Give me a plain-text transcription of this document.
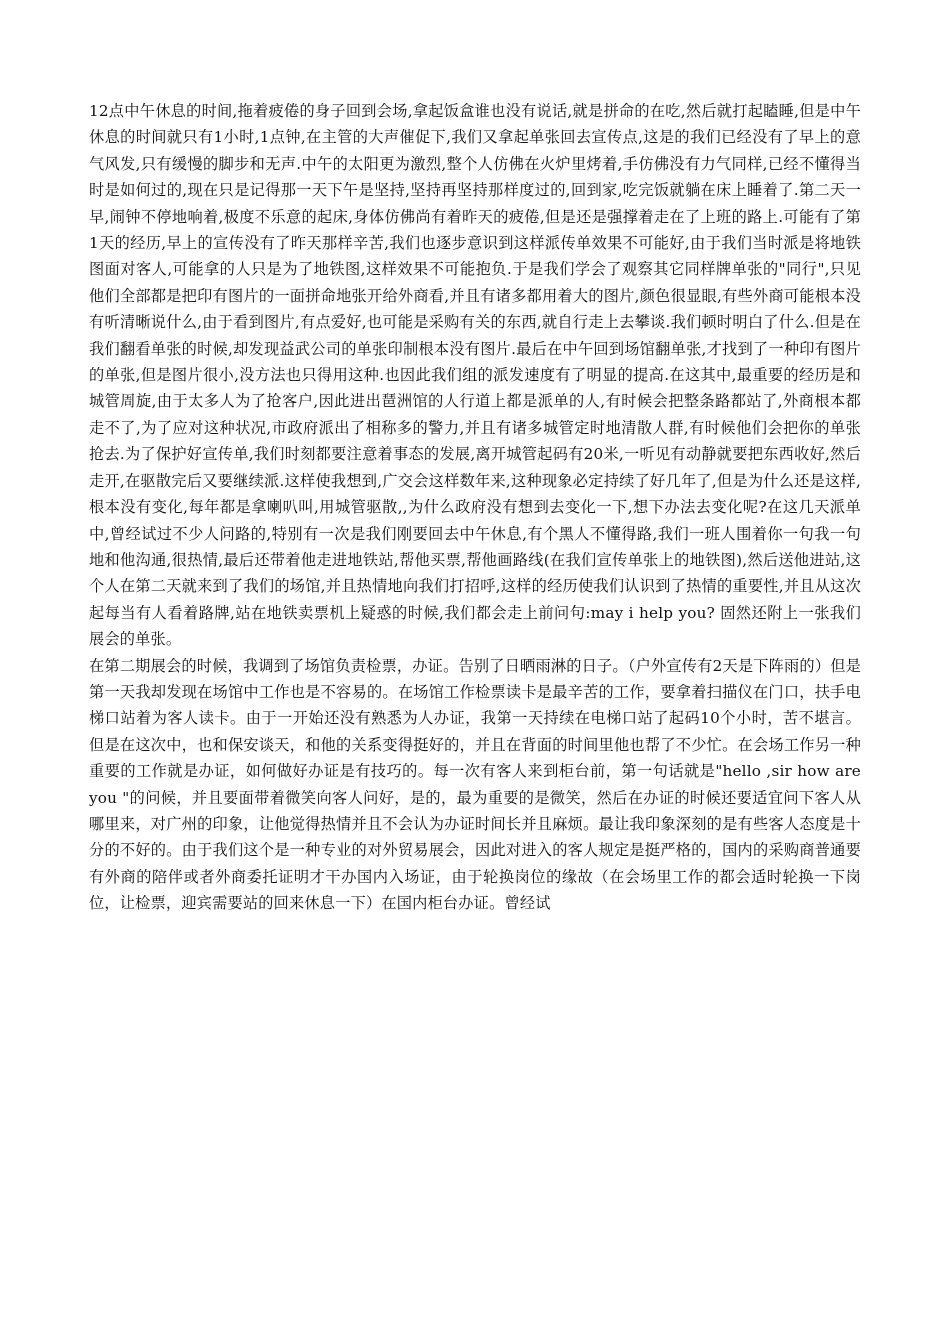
12点中午休息的时间,拖着疲倦的身子回到会场,拿起饭盒谁也没有说话,就是拼命的在吃,然后就打起瞌睡,但是中午休息的时间就只有1小时,1点钟,在主管的大声催促下,我们又拿起单张回去宣传点,这是的我们已经没有了早上的意气风发,只有缓慢的脚步和无声.中午的太阳更为激烈,整个人仿佛在火炉里烤着,手仿佛没有力气同样,已经不懂得当时是如何过的,现在只是记得那一天下午是坚持,坚持再坚持那样度过的,回到家,吃完饭就躺在床上睡着了.第二天一早,闹钟不停地响着,极度不乐意的起床,身体仿佛尚有着昨天的疲倦,但是还是强撑着走在了上班的路上.可能有了第1天的经历,早上的宣传没有了昨天那样辛苦,我们也逐步意识到这样派传单效果不可能好,由于我们当时派是将地铁图面对客人,可能拿的人只是为了地铁图,这样效果不可能抱负.于是我们学会了观察其它同样牌单张的"同行",只见他们全部都是把印有图片的一面拼命地张开给外商看,并且有诸多都用着大的图片,颜色很显眼,有些外商可能根本没有听清晰说什么,由于看到图片,有点爱好,也可能是采购有关的东西,就自行走上去攀谈.我们顿时明白了什么.但是在我们翻看单张的时候,却发现益武公司的单张印制根本没有图片.最后在中午回到场馆翻单张,才找到了一种印有图片的单张,但是图片很小,没方法也只得用这种.也因此我们组的派发速度有了明显的提高.在这其中,最重要的经历是和城管周旋,由于太多人为了抢客户,因此进出琶洲馆的人行道上都是派单的人,有时候会把整条路都站了,外商根本都走不了,为了应对这种状况,市政府派出了相称多的警力,并且有诸多城管定时地清散人群,有时候他们会把你的单张抢去.为了保护好宣传单,我们时刻都要注意着事态的发展,离开城管起码有20米,一听见有动静就要把东西收好,然后走开,在驱散完后又要继续派.这样使我想到,广交会这样数年来,这种现象必定持续了好几年了,但是为什么还是这样,根本没有变化,每年都是拿喇叭叫,用城管驱散,,为什么政府没有想到去变化一下,想下办法去变化呢?在这几天派单中,曾经试过不少人问路的,特别有一次是我们刚要回去中午休息,有个黑人不懂得路,我们一班人围着你一句我一句地和他沟通,很热情,最后还带着他走进地铁站,帮他买票,帮他画路线(在我们宣传单张上的地铁图),然后送他进站,这个人在第二天就来到了我们的场馆,并且热情地向我们打招呼,这样的经历使我们认识到了热情的重要性,并且从这次起每当有人看着路牌,站在地铁卖票机上疑惑的时候,我们都会走上前问句:may i help you? 固然还附上一张我们展会的单张。

在第二期展会的时候，我调到了场馆负责检票，办证。告别了日晒雨淋的日子。（户外宣传有2天是下阵雨的）但是第一天我却发现在场馆中工作也是不容易的。在场馆工作检票读卡是最辛苦的工作，要拿着扫描仪在门口，扶手电梯口站着为客人读卡。由于一开始还没有熟悉为人办证，我第一天持续在电梯口站了起码10个小时，苦不堪言。但是在这次中，也和保安谈天，和他的关系变得挺好的，并且在背面的时间里他也帮了不少忙。在会场工作另一种重要的工作就是办证，如何做好办证是有技巧的。每一次有客人来到柜台前，第一句话就是"hello ,sir how are you "的问候，并且要面带着微笑向客人问好，是的，最为重要的是微笑，然后在办证的时候还要适宜问下客人从哪里来，对广州的印象，让他觉得热情并且不会认为办证时间长并且麻烦。最让我印象深刻的是有些客人态度是十分的不好的。由于我们这个是一种专业的对外贸易展会，因此对进入的客人规定是挺严格的，国内的采购商普通要有外商的陪伴或者外商委托证明才干办国内入场证，由于轮换岗位的缘故（在会场里工作的都会适时轮换一下岗位，让检票，迎宾需要站的回来休息一下）在国内柜台办证。曾经试
